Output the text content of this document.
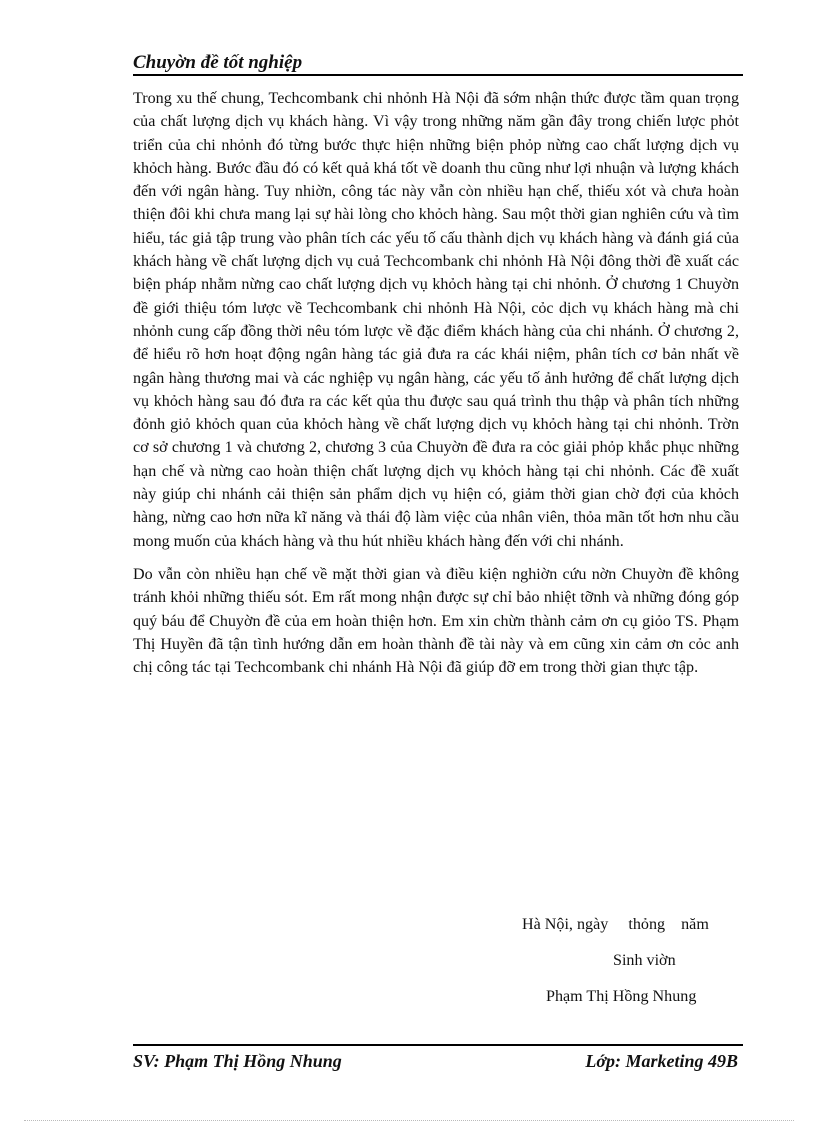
Chuyờn đề tốt nghiệp

Trong xu thế chung, Techcombank chi nhỏnh Hà Nội đã sớm nhận thức được tầm quan trọng của chất lượng dịch vụ khách hàng. Vì vậy trong những năm gần đây trong chiến lược phỏt triển của chi nhỏnh đó từng bước thực hiện những biện phỏp nừng cao chất lượng dịch vụ khỏch hàng. Bước đầu đó có kết quả khá tốt về doanh thu cũng như lợi nhuận và lượng khách đến với ngân hàng. Tuy nhiờn, công tác này vẫn còn nhiều hạn chế, thiếu xót và chưa hoàn thiện đôi khi chưa mang lại sự hài lòng cho khỏch hàng. Sau một thời gian nghiên cứu và tìm hiểu, tác giả tập trung vào phân tích các yếu tố cấu thành dịch vụ khách hàng và đánh giá của khách hàng về chất lượng dịch vụ cuả Techcombank chi nhỏnh Hà Nội đông thời đề xuất các biện pháp nhằm nừng cao chất lượng dịch vụ khỏch hàng tại chi nhỏnh. Ở chương 1 Chuyờn đề giới thiệu tóm lược về Techcombank chi nhỏnh Hà Nội, cỏc dịch vụ khách hàng mà chi nhỏnh cung cấp đồng thời nêu tóm lược về đặc điểm khách hàng của chi nhánh. Ở chương 2, để hiểu rõ hơn hoạt động ngân hàng tác giả đưa ra các khái niệm, phân tích cơ bản nhất về ngân hàng thương mai và các nghiệp vụ ngân hàng, các yếu tố ảnh hưởng để chất lượng dịch vụ khỏch hàng sau đó đưa ra các kết qủa thu được sau quá trình thu thập và phân tích những đỏnh giỏ khỏch quan của khỏch hàng về chất lượng dịch vụ khỏch hàng tại chi nhỏnh. Trờn cơ sở chương 1 và chương 2, chương 3 của Chuyờn đề đưa ra cỏc giải phỏp khắc phục những hạn chế và nừng cao hoàn thiện chất lượng dịch vụ khỏch hàng tại chi nhỏnh. Các đề xuất này giúp chi nhánh cải thiện sản phẩm dịch vụ hiện có, giảm thời gian chờ đợi của khỏch hàng, nừng cao hơn nữa kĩ năng và thái độ làm việc của nhân viên, thỏa mãn tốt hơn nhu cầu mong muốn của khách hàng và thu hút nhiều khách hàng đến với chi nhánh.

Do vẫn còn nhiều hạn chế về mặt thời gian và điều kiện nghiờn cứu nờn Chuyờn đề không tránh khỏi những thiếu sót. Em rất mong nhận được sự chỉ bảo nhiệt tỡnh và những đóng góp quý báu để Chuyờn đề của em hoàn thiện hơn. Em xin chừn thành cảm ơn cụ giỏo TS. Phạm Thị Huyền đã tận tình hướng dẫn em hoàn thành đề tài này và em cũng xin cảm ơn cỏc anh chị công tác tại Techcombank chi nhánh Hà Nội đã giúp đỡ em trong thời gian thực tập.

Hà Nội, ngày     thỏng    năm
Sinh viờn
Phạm Thị Hồng Nhung
SV: Phạm Thị Hồng Nhung	Lớp: Marketing 49B
